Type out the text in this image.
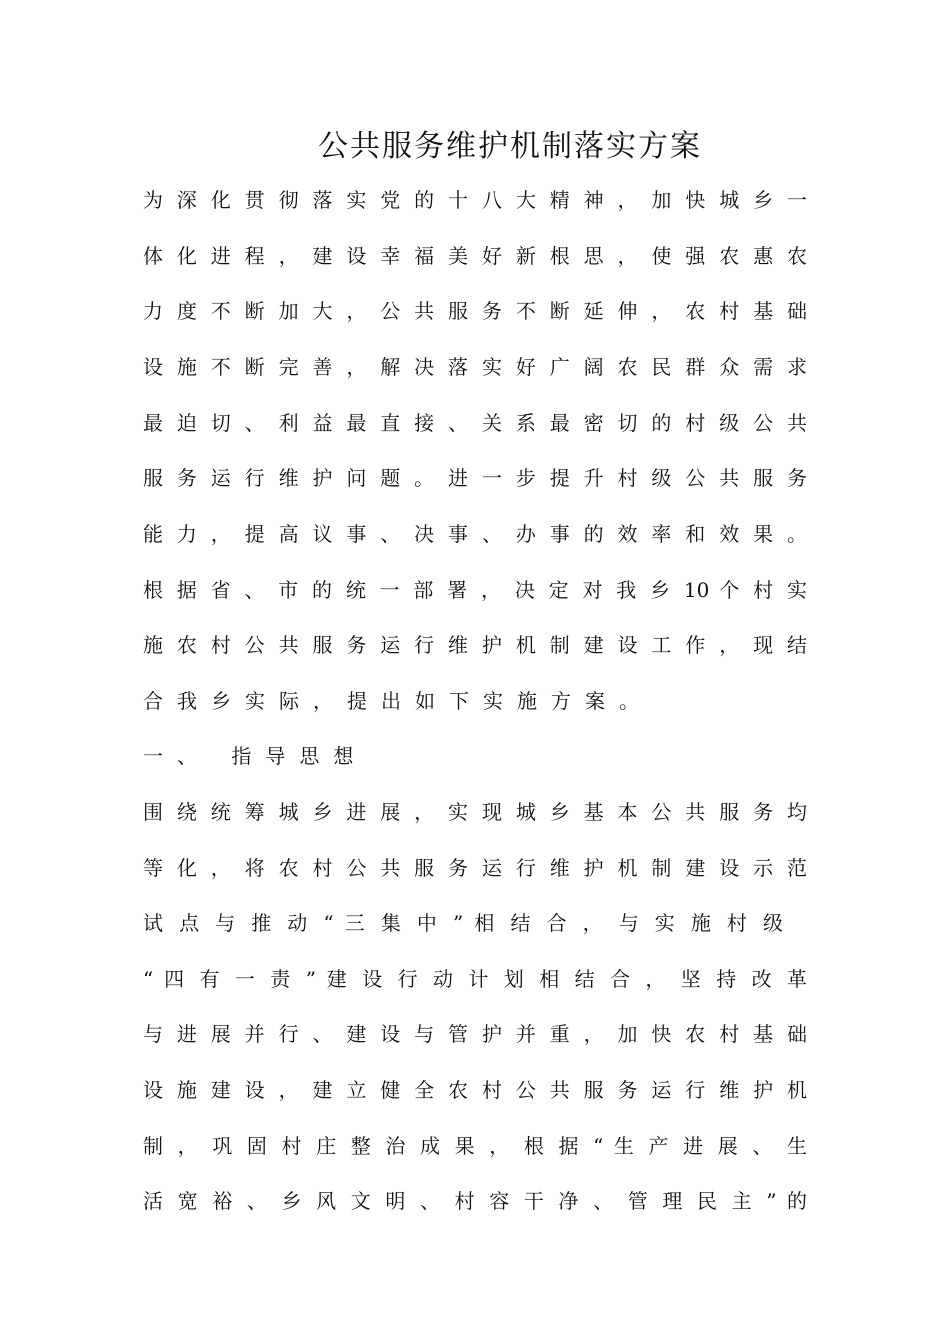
公共服务维护机制落实方案
为 深 化 贯 彻 落 实 党 的 十 八 大 精 神 ， 加 快 城 乡 一
体 化 进 程 ， 建 设 幸 福 美 好 新 根 思 ， 使 强 农 惠 农
力 度 不 断 加 大 ， 公 共 服 务 不 断 延 伸 ， 农 村 基 础
设 施 不 断 完 善 ， 解 决 落 实 好 广 阔 农 民 群 众 需 求
最 迫 切 、 利 益 最 直 接 、 关 系 最 密 切 的 村 级 公 共
服 务 运 行 维 护 问 题 。 进 一 步 提 升 村 级 公 共 服 务
能 力 ， 提 高 议 事 、 决 事 、 办 事 的 效 率 和 效 果 。
根 据 省 、 市 的 统 一 部 署 ， 决 定 对 我 乡 10 个 村 实
施 农 村 公 共 服 务 运 行 维 护 机 制 建 设 工 作 ， 现 结
合我乡实际，提出如下实施方案。
一、 指导思想
围 绕 统 筹 城 乡 进 展 ， 实 现 城 乡 基 本 公 共 服 务 均
等 化 ， 将 农 村 公 共 服 务 运 行 维 护 机 制 建 设 示 范
试 点 与 推 动 “ 三 集 中 ” 相 结 合 ， 与 实 施 村 级
“ 四 有 一 责 ” 建 设 行 动 计 划 相 结 合 ， 坚 持 改 革
与 进 展 并 行 、 建 设 与 管 护 并 重 ， 加 快 农 村 基 础
设 施 建 设 ， 建 立 健 全 农 村 公 共 服 务 运 行 维 护 机
制 ， 巩 固 村 庄 整 治 成 果 ， 根 据 “ 生 产 进 展 、 生
活 宽 裕 、 乡 风 文 明 、 村 容 干 净 、 管 理 民 主 ” 的
